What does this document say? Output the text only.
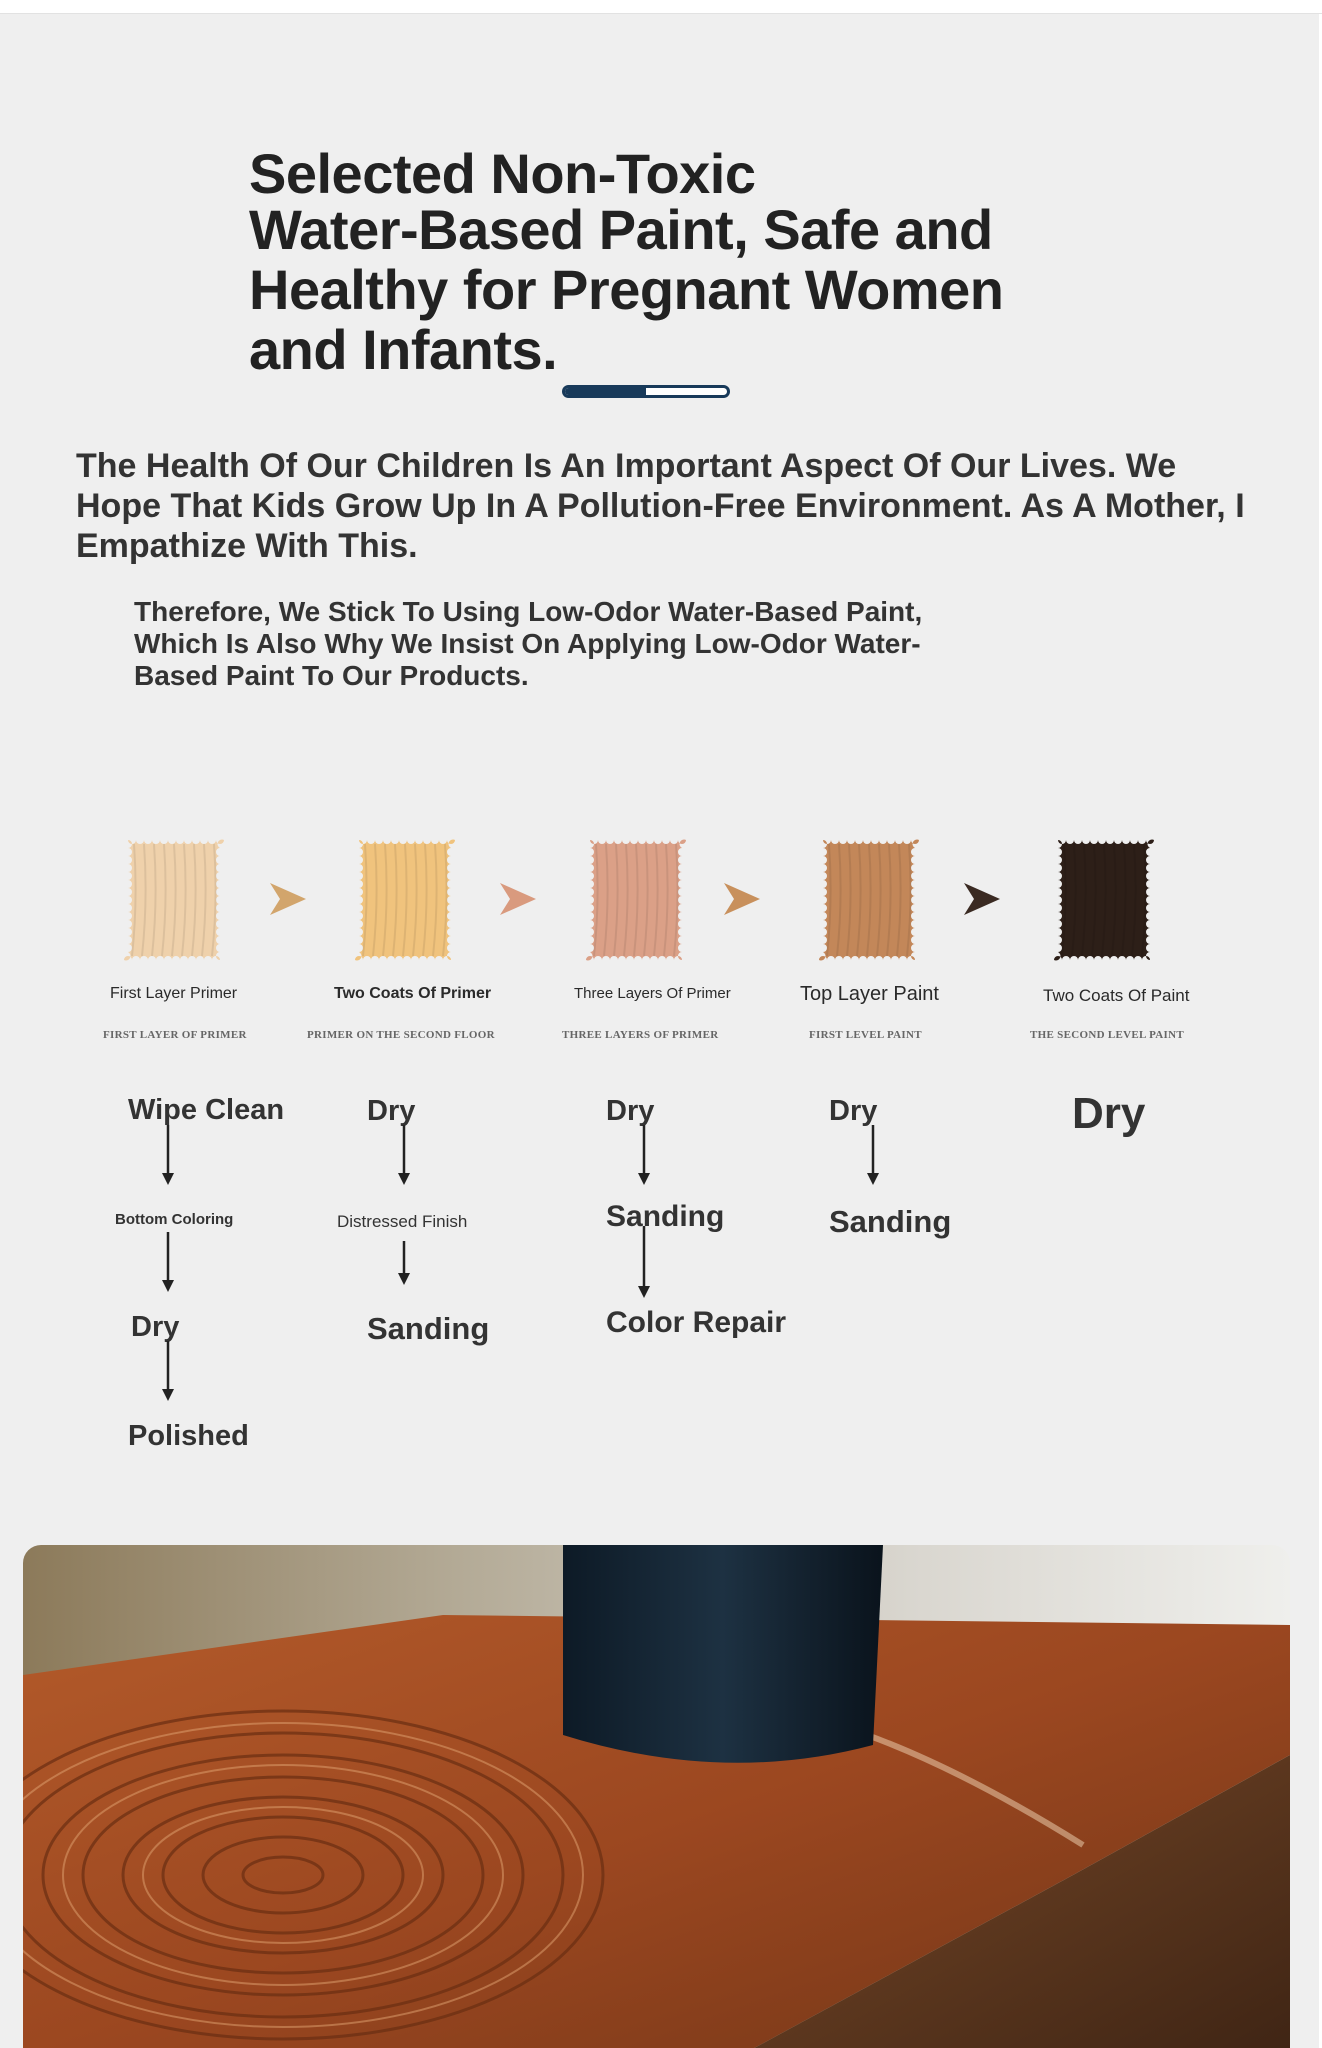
Selected Non-Toxic
Water-Based Paint, Safe and
Healthy for Pregnant Women
and Infants.

The Health Of Our Children Is An Important Aspect Of Our Lives. We Hope That Kids Grow Up In A Pollution-Free Environment. As A Mother, I Empathize With This.

Therefore, We Stick To Using Low-Odor Water-Based Paint, Which Is Also Why We Insist On Applying Low-Odor Water-Based Paint To Our Products.

First Layer Primer
FIRST LAYER OF PRIMER
Two Coats Of Primer
PRIMER ON THE SECOND FLOOR
Three Layers Of Primer
THREE LAYERS OF PRIMER
Top Layer Paint
FIRST LEVEL PAINT
Two Coats Of Paint
THE SECOND LEVEL PAINT
Wipe Clean
Bottom Coloring
Dry
Polished
Dry
Distressed Finish
Sanding
Dry
Sanding
Color Repair
Dry
Sanding
Dry
